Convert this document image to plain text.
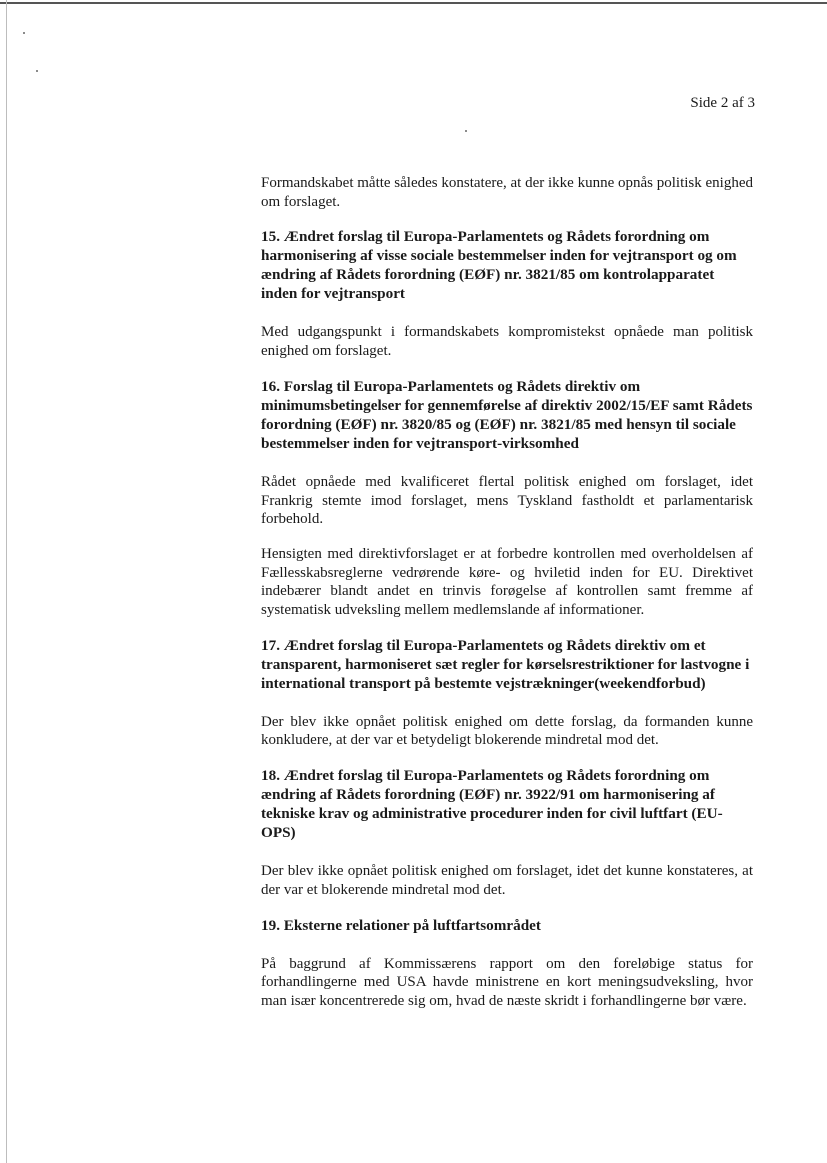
Side 2 af 3

Formandskabet måtte således konstatere, at der ikke kunne opnås politisk enighed om forslaget.

15. Ændret forslag til Europa-Parlamentets og Rådets forordning om harmonisering af visse sociale bestemmelser inden for vejtransport og om ændring af Rådets forordning (EØF) nr. 3821/85 om kontrolapparatet inden for vejtransport

Med udgangspunkt i formandskabets kompromistekst opnåede man politisk enighed om forslaget.

16. Forslag til Europa-Parlamentets og Rådets direktiv om minimumsbetingelser for gennemførelse af direktiv 2002/15/EF samt Rådets forordning (EØF) nr. 3820/85 og (EØF) nr. 3821/85 med hensyn til sociale bestemmelser inden for vejtransport-virksomhed

Rådet opnåede med kvalificeret flertal politisk enighed om forslaget, idet Frankrig stemte imod forslaget, mens Tyskland fastholdt et parlamentarisk forbehold.

Hensigten med direktivforslaget er at forbedre kontrollen med overholdelsen af Fællesskabsreglerne vedrørende køre- og hviletid inden for EU. Direktivet indebærer blandt andet en trinvis forøgelse af kontrollen samt fremme af systematisk udveksling mellem medlemslande af informationer.

17. Ændret forslag til Europa-Parlamentets og Rådets direktiv om et transparent, harmoniseret sæt regler for kørselsrestriktioner for lastvogne i international transport på bestemte vejstrækninger(weekendforbud)

Der blev ikke opnået politisk enighed om dette forslag, da formanden kunne konkludere, at der var et betydeligt blokerende mindretal mod det.

18. Ændret forslag til Europa-Parlamentets og Rådets forordning om ændring af Rådets forordning (EØF) nr. 3922/91 om harmonisering af tekniske krav og administrative procedurer inden for civil luftfart (EU-OPS)

Der blev ikke opnået politisk enighed om forslaget, idet det kunne konstateres, at der var et blokerende mindretal mod det.

19. Eksterne relationer på luftfartsområdet

På baggrund af Kommissærens rapport om den foreløbige status for forhandlingerne med USA havde ministrene en kort meningsudveksling, hvor man især koncentrerede sig om, hvad de næste skridt i forhandlingerne bør være.
